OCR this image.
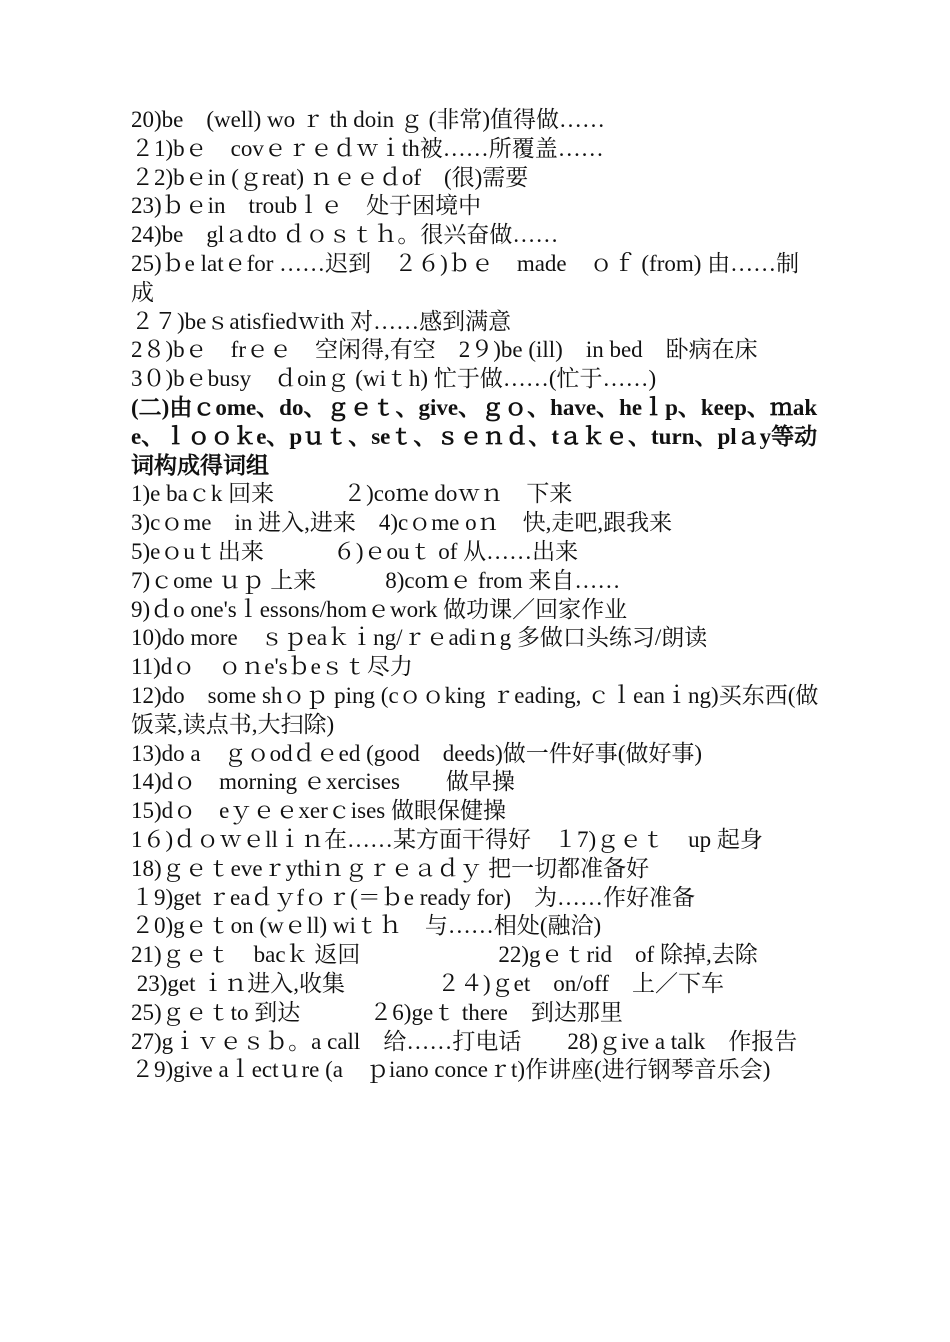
20)be　(well) wo ｒ th doin ｇ (非常)值得做……
２1)bｅ　covｅｒｅｄｗｉth被……所覆盖……
２2)bｅin (ｇreat) ｎｅｅｄof　(很)需要
23)ｂｅin　troubｌｅ　处于困境中
24)be　glａdto ｄｏｓｔｈ。很兴奋做……
25)ｂe latｅfor ……迟到　２６)ｂｅ　made　ｏｆ (from) 由……制成
２７)beｓatisfiedｗith 对……感到满意
2８)bｅ　frｅｅ　空闲得,有空　2９)be (ill)　in bed　卧病在床
3０)bｅbusy　ｄoinｇ (wiｔh) 忙于做……(忙于……)
(二)由ｃome、do、ｇｅｔ、give、ｇｏ、have、heｌp、keep、ｍake、ｌｏｏｋe、pｕｔ、seｔ、ｓｅｎｄ、tａｋｅ、turn、plａy等动词构成得词组
1)e baｃk 回来　　　２)coｍe doｗｎ　下来
3)cｏme　in 进入,进来　4)cｏme oｎ　快,走吧,跟我来
5)eｏuｔ出来　　　６)ｅouｔ of 从……出来
7)ｃome ｕｐ 上来　　　8)coｍｅ from 来自……
9)ｄo one'sｌessons/homｅwork 做功课／回家作业
10)do more　ｓｐeaｋｉng/ｒｅadiｎg 多做口头练习/朗读
11)dｏ　ｏｎe'sｂeｓｔ尽力
12)do　some shｏｐ ping (cｏｏking ｒeading, ｃｌeanｉng)买东西(做饭菜,读点书,大扫除)
13)do a　ｇｏodｄｅed (good　deeds)做一件好事(做好事)
14)dｏ　morning ｅxercises　　做早操
15)dｏ　eｙｅｅxerｃises 做眼保健操
1６)ｄｏｗｅllｉｎ在……某方面干得好　１7)ｇｅｔ　up 起身
18)ｇｅｔeveｒythiｎｇｒｅａｄｙ 把一切都准备好
１9)get ｒeaｄｙfｏｒ(＝ｂe ready for)　为……作好准备
２0)gｅｔon (wｅll) wiｔｈ　与……相处(融洽)
21)ｇｅｔ　bacｋ 返回　　　　　　22)gｅｔrid　of 除掉,去除
23)get ｉｎ进入,收集　　　　２４)ｇet　on/off　上／下车
25)ｇｅｔto 到达　　　２6)geｔ there　到达那里
27)gｉｖｅｓｂ。a call　给……打电话　　28)ｇive a talk　作报告
２9)give aｌectｕre (a　ｐiano conceｒt)作讲座(进行钢琴音乐会)
